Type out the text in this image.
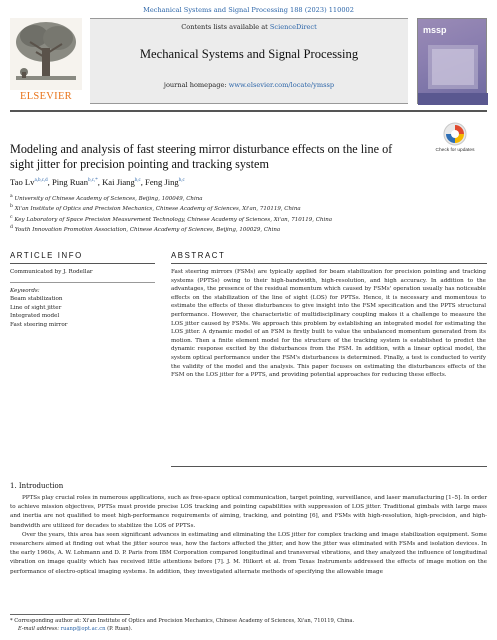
Mechanical Systems and Signal Processing 188 (2023) 110002
ELSEVIER
Contents lists available at ScienceDirect
Mechanical Systems and Signal Processing
journal homepage: www.elsevier.com/locate/ymssp
mssp
Modeling and analysis of fast steering mirror disturbance effects on the line of sight jitter for precision pointing and tracking system
Check for updates
Tao Lv$^{a,b,c,d}$, Ping Ruan$^{b,c,*}$, Kai Jiang$^{b,c}$, Feng Jing$^{b,c}$
$^a$ University of Chinese Academy of Sciences, Beijing, 100049, China
$^b$ Xi'an Institute of Optics and Precision Mechanics, Chinese Academy of Sciences, Xi'an, 710119, China
$^c$ Key Laboratory of Space Precision Measurement Technology, Chinese Academy of Sciences, Xi'an, 710119, China
$^d$ Youth Innovation Promotion Association, Chinese Academy of Sciences, Beijing, 100029, China
ARTICLE INFO	ABSTRACT
Communicated by J. Rodellar
Keywords:
Beam stabilization
Line of sight jitter
Integrated model
Fast steering mirror
Fast steering mirrors (FSMs) are typically applied for beam stabilization for precision pointing and tracking systems (PPTSs) owing to their high-bandwidth, high-resolution, and high accuracy. In addition to the advantages, the presence of the residual momentum which caused by FSMs' operation usually has noticeable effects on the stabilization of the line of sight (LOS) for PPTSs. Hence, it is necessary and momentous to estimate the effects of these disturbances to give insight into the FSM specification and the PPTS structural performance. However, the characteristic of multidisciplinary coupling makes it a challenge to measure the LOS jitter caused by FSMs. We approach this problem by establishing an integrated model for estimating the LOS jitter. A dynamic model of an FSM is firstly built to value the unbalanced momentum generated from its motion. Then a finite element model for the structure of the tracking system is established to predict the dynamic response excited by the disturbances from the FSM. In addition, with a linear optical model, the system optical performance under the FSM's disturbances is determined. Finally, a test is conducted to verify the validity of the model and the analysis. This paper focuses on estimating the disturbances effects of the FSM on the LOS jitter for a PPTS, and providing potential approaches for reducing these effects.
1. Introduction

PPTSs play crucial roles in numerous applications, such as free-space optical communication, target pointing, surveillance, and laser manufacturing [1–5]. In order to achieve mission objectives, PPTSs must provide precise LOS tracking and pointing capabilities with suppression of LOS jitter. Traditional gimbals with large mass and inertia are not qualified to meet high-performance requirements of aiming, tracking, and pointing [6], and FSMs with high-resolution, high-precision, and high-bandwidth are utilized for decades to stabilize the LOS of PPTSs.

Over the years, this area has seen significant advances in estimating and eliminating the LOS jitter for complex tracking and image stabilization equipment. Some researchers aimed at finding out what the jitter source was, how the factors affected the jitter, and how the jitter was eliminated with FSMs and isolation devices. In the early 1960s, A. W. Lohmann and D. P. Paris from IBM Corporation compared longitudinal and transversal vibrations, and they analyzed the influence of longitudinal vibration on image quality which has received little attentions before [7]. J. M. Hilkert et al. from Texas Instruments addressed the effects of image motion on the performance of electro-optical imaging systems. In addition, they investigated alternate methods of specifying the allowable image

* Corresponding author at: Xi'an Institute of Optics and Precision Mechanics, Chinese Academy of Sciences, Xi'an, 710119, China.
E-mail address: ruanp@opt.ac.cn (P. Ruan).
